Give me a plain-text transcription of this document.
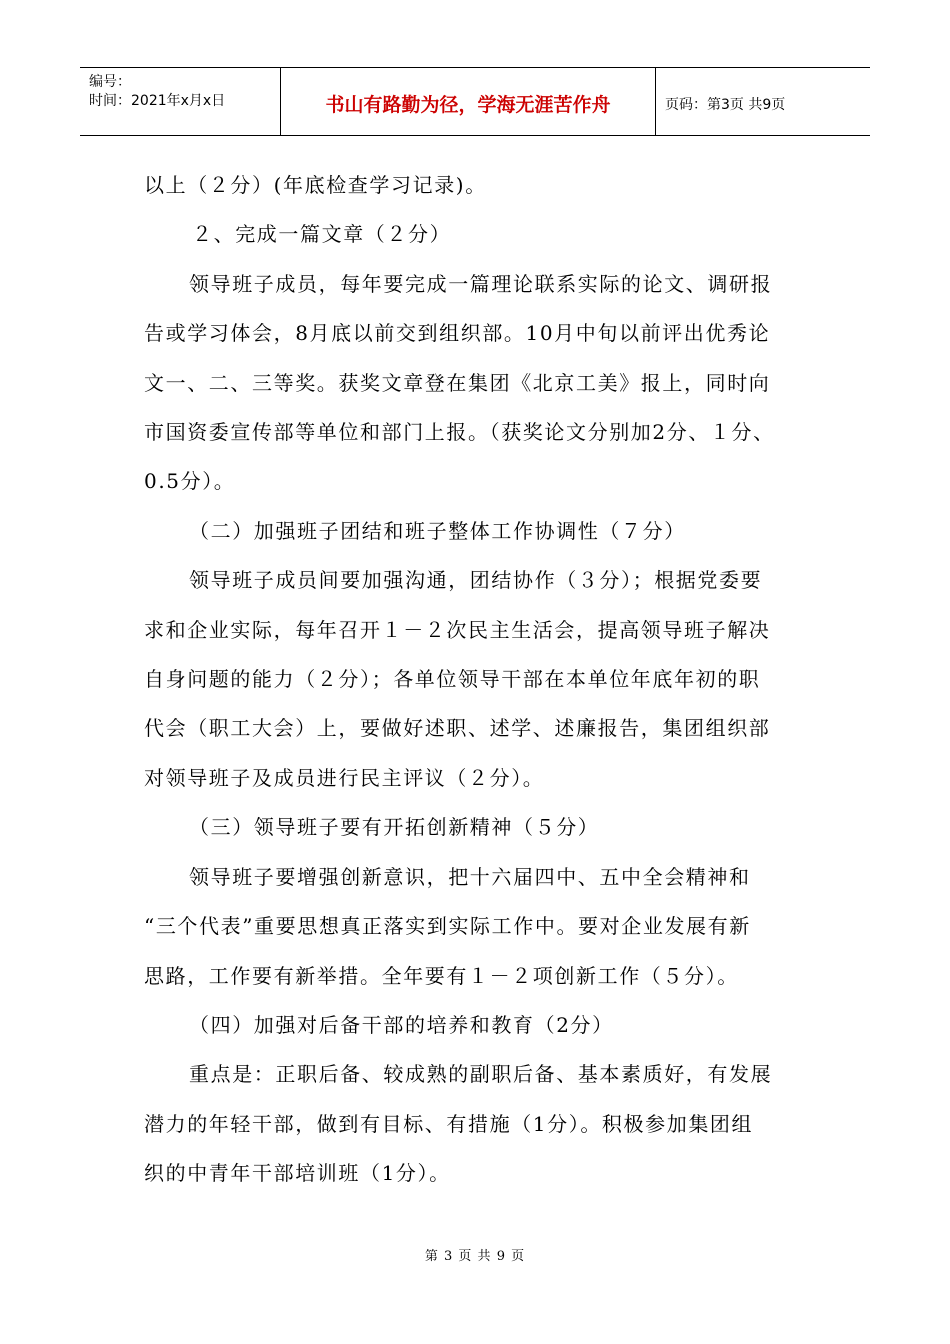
编号：
时间：2021年x月x日	书山有路勤为径，学海无涯苦作舟	页码：第3页 共9页

以上（２分）(年底检查学习记录)。

２、完成一篇文章（２分）

领导班子成员，每年要完成一篇理论联系实际的论文、调研报

告或学习体会，8月底以前交到组织部。10月中旬以前评出优秀论

文一、二、三等奖。获奖文章登在集团《北京工美》报上，同时向

市国资委宣传部等单位和部门上报。（获奖论文分别加2分、１分、

0.5分）。

（二）加强班子团结和班子整体工作协调性（７分）

领导班子成员间要加强沟通，团结协作（３分）；根据党委要

求和企业实际，每年召开１－２次民主生活会，提高领导班子解决

自身问题的能力（２分）；各单位领导干部在本单位年底年初的职

代会（职工大会）上，要做好述职、述学、述廉报告，集团组织部

对领导班子及成员进行民主评议（２分）。

（三）领导班子要有开拓创新精神（５分）

领导班子要增强创新意识，把十六届四中、五中全会精神和

“三个代表”重要思想真正落实到实际工作中。要对企业发展有新

思路，工作要有新举措。全年要有１－２项创新工作（５分）。

（四）加强对后备干部的培养和教育（2分）

重点是：正职后备、较成熟的副职后备、基本素质好，有发展

潜力的年轻干部，做到有目标、有措施（1分）。积极参加集团组

织的中青年干部培训班（1分）。

第 3 页 共 9 页
